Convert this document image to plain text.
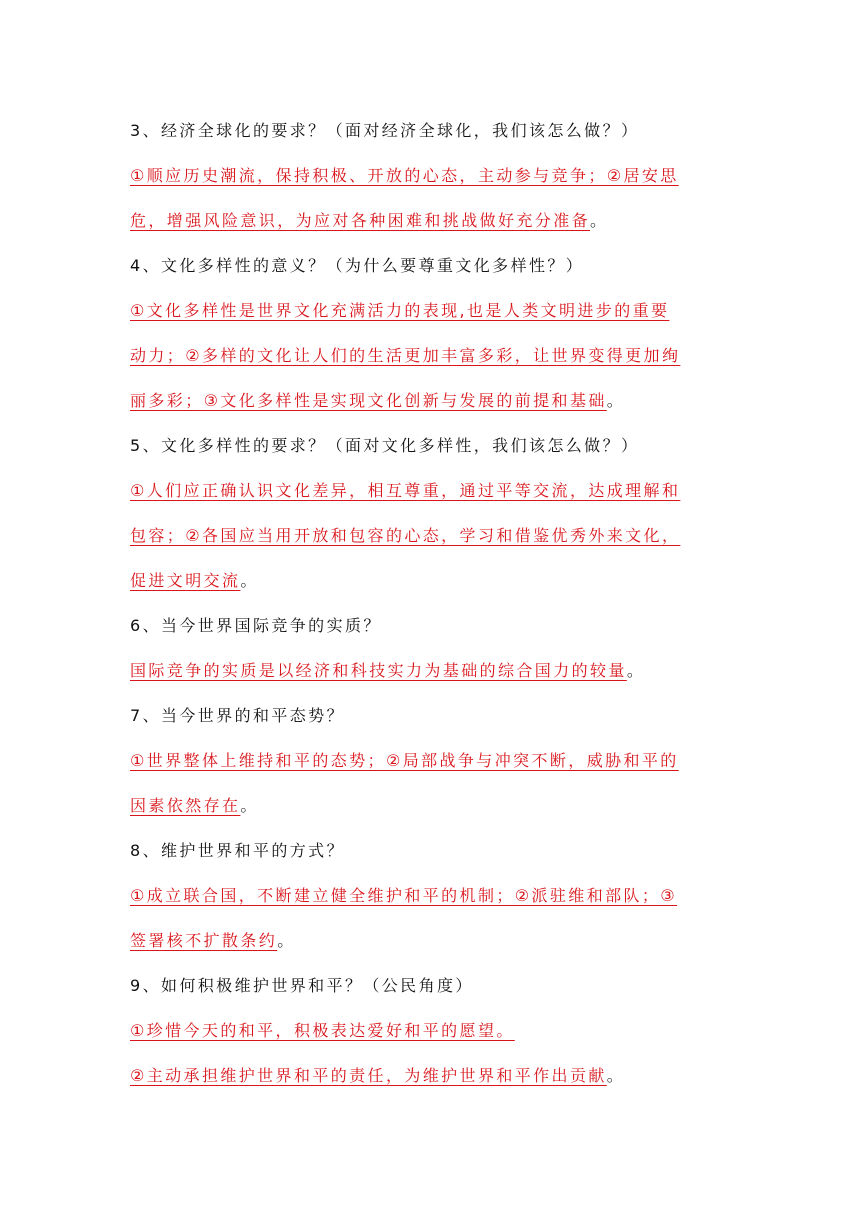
3、经济全球化的要求？（面对经济全球化，我们该怎么做？）
①顺应历史潮流，保持积极、开放的心态，主动参与竞争；②居安思
危，增强风险意识，为应对各种困难和挑战做好充分准备。
4、文化多样性的意义？（为什么要尊重文化多样性？）
①文化多样性是世界文化充满活力的表现,也是人类文明进步的重要
动力；②多样的文化让人们的生活更加丰富多彩，让世界变得更加绚
丽多彩；③文化多样性是实现文化创新与发展的前提和基础。
5、文化多样性的要求？（面对文化多样性，我们该怎么做？）
①人们应正确认识文化差异，相互尊重，通过平等交流，达成理解和
包容；②各国应当用开放和包容的心态，学习和借鉴优秀外来文化，
促进文明交流。
6、当今世界国际竞争的实质？
国际竞争的实质是以经济和科技实力为基础的综合国力的较量。
7、当今世界的和平态势？
①世界整体上维持和平的态势；②局部战争与冲突不断，威胁和平的
因素依然存在。
8、维护世界和平的方式？
①成立联合国，不断建立健全维护和平的机制；②派驻维和部队；③
签署核不扩散条约。
9、如何积极维护世界和平？（公民角度）
①珍惜今天的和平，积极表达爱好和平的愿望。
②主动承担维护世界和平的责任，为维护世界和平作出贡献。
